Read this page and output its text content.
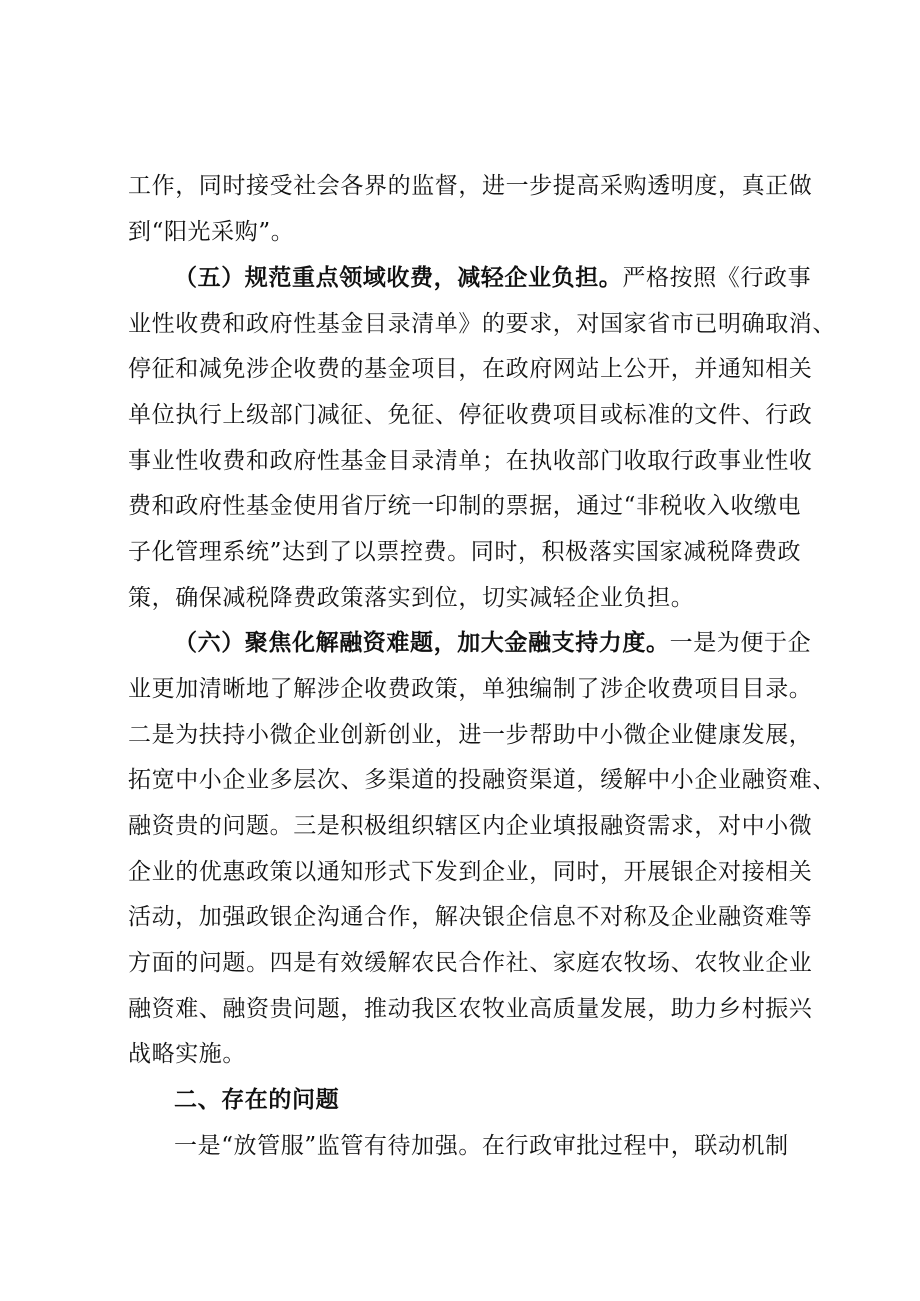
工作，同时接受社会各界的监督，进一步提高采购透明度，真正做
到“阳光采购”。
（五）规范重点领域收费，减轻企业负担。严格按照《行政事
业性收费和政府性基金目录清单》的要求，对国家省市已明确取消、
停征和减免涉企收费的基金项目，在政府网站上公开，并通知相关
单位执行上级部门减征、免征、停征收费项目或标准的文件、行政
事业性收费和政府性基金目录清单；在执收部门收取行政事业性收
费和政府性基金使用省厅统一印制的票据，通过“非税收入收缴电
子化管理系统”达到了以票控费。同时，积极落实国家减税降费政
策，确保减税降费政策落实到位，切实减轻企业负担。
（六）聚焦化解融资难题，加大金融支持力度。一是为便于企
业更加清晰地了解涉企收费政策，单独编制了涉企收费项目目录。
二是为扶持小微企业创新创业，进一步帮助中小微企业健康发展，
拓宽中小企业多层次、多渠道的投融资渠道，缓解中小企业融资难、
融资贵的问题。三是积极组织辖区内企业填报融资需求，对中小微
企业的优惠政策以通知形式下发到企业，同时，开展银企对接相关
活动，加强政银企沟通合作，解决银企信息不对称及企业融资难等
方面的问题。四是有效缓解农民合作社、家庭农牧场、农牧业企业
融资难、融资贵问题，推动我区农牧业高质量发展，助力乡村振兴
战略实施。
二、存在的问题
一是“放管服”监管有待加强。在行政审批过程中，联动机制
